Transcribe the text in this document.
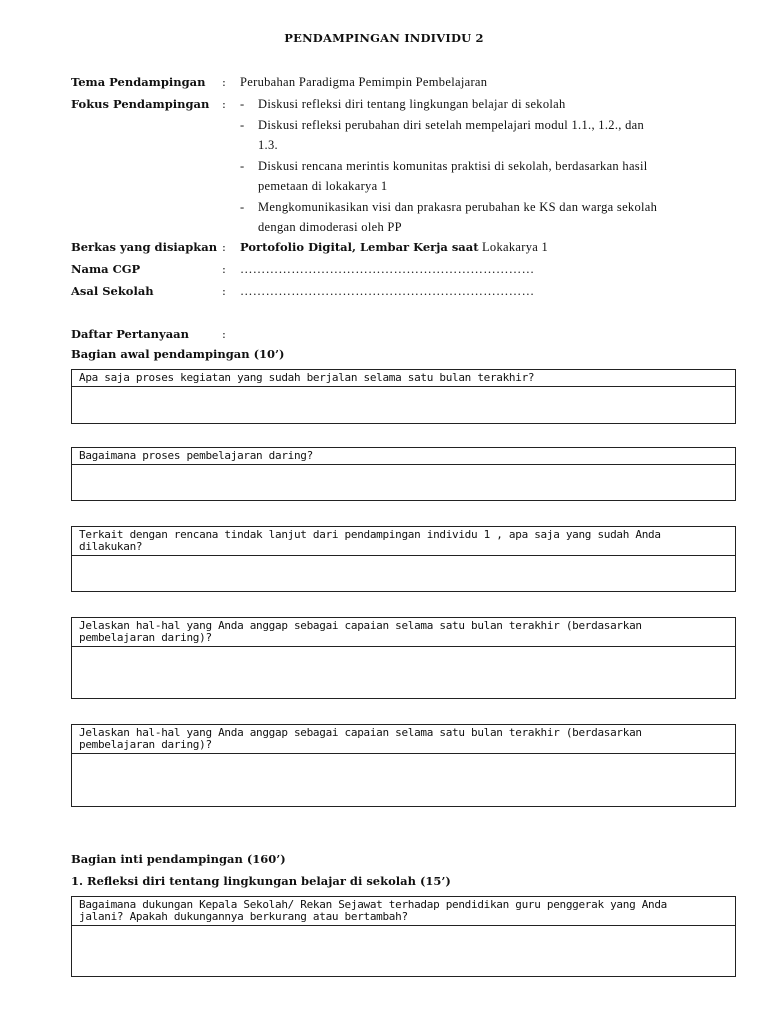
PENDAMPINGAN INDIVIDU 2
Tema Pendampingan	: Perubahan Paradigma Pemimpin Pembelajaran
Fokus Pendampingan	: - Diskusi refleksi diri tentang lingkungan belajar di sekolah
- Diskusi refleksi perubahan diri setelah mempelajari modul 1.1., 1.2., dan
1.3.
- Diskusi rencana merintis komunitas praktisi di sekolah, berdasarkan hasil
pemetaan di lokakarya 1
- Mengkomunikasikan visi dan prakasra perubahan ke KS dan warga sekolah
dengan dimoderasi oleh PP
Berkas yang disiapkan : Portofolio Digital, Lembar Kerja saat Lokakarya 1
Nama CGP	: ……………………………………………………………
Asal Sekolah	: ……………………………………………………………
Daftar Pertanyaan	:
Bagian awal pendampingan (10’)
Apa saja proses kegiatan yang sudah berjalan selama satu bulan terakhir?
Bagaimana proses pembelajaran daring?
Terkait dengan rencana tindak lanjut dari pendampingan individu 1 , apa saja yang sudah Anda
dilakukan?
Jelaskan hal-hal yang Anda anggap sebagai capaian selama satu bulan terakhir (berdasarkan
pembelajaran daring)?
Jelaskan hal-hal yang Anda anggap sebagai capaian selama satu bulan terakhir (berdasarkan
pembelajaran daring)?
Bagian inti pendampingan (160’)
1. Refleksi diri tentang lingkungan belajar di sekolah (15’)
Bagaimana dukungan Kepala Sekolah/ Rekan Sejawat terhadap pendidikan guru penggerak yang Anda
jalani? Apakah dukungannya berkurang atau bertambah?
